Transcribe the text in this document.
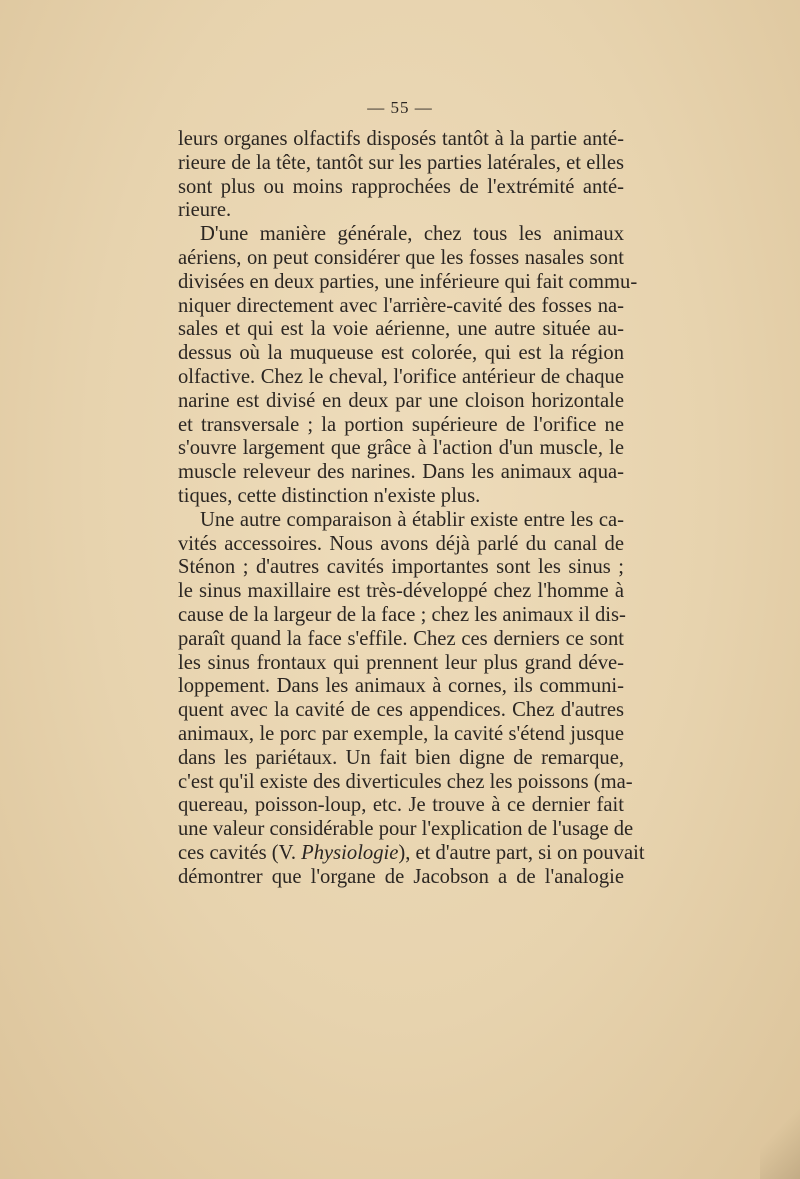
— 55 —
leurs organes olfactifs disposés tantôt à la partie anté-
rieure de la tête, tantôt sur les parties latérales, et elles
sont plus ou moins rapprochées de l'extrémité anté-
rieure.
D'une manière générale, chez tous les animaux
aériens, on peut considérer que les fosses nasales sont
divisées en deux parties, une inférieure qui fait commu-
niquer directement avec l'arrière-cavité des fosses na-
sales et qui est la voie aérienne, une autre située au-
dessus où la muqueuse est colorée, qui est la région
olfactive. Chez le cheval, l'orifice antérieur de chaque
narine est divisé en deux par une cloison horizontale
et transversale ; la portion supérieure de l'orifice ne
s'ouvre largement que grâce à l'action d'un muscle, le
muscle releveur des narines. Dans les animaux aqua-
tiques, cette distinction n'existe plus.
Une autre comparaison à établir existe entre les ca-
vités accessoires. Nous avons déjà parlé du canal de
Sténon ; d'autres cavités importantes sont les sinus ;
le sinus maxillaire est très-développé chez l'homme à
cause de la largeur de la face ; chez les animaux il dis-
paraît quand la face s'effile. Chez ces derniers ce sont
les sinus frontaux qui prennent leur plus grand déve-
loppement. Dans les animaux à cornes, ils communi-
quent avec la cavité de ces appendices. Chez d'autres
animaux, le porc par exemple, la cavité s'étend jusque
dans les pariétaux. Un fait bien digne de remarque,
c'est qu'il existe des diverticules chez les poissons (ma-
quereau, poisson-loup, etc. Je trouve à ce dernier fait
une valeur considérable pour l'explication de l'usage de
ces cavités (V. Physiologie), et d'autre part, si on pouvait
démontrer que l'organe de Jacobson a de l'analogie
